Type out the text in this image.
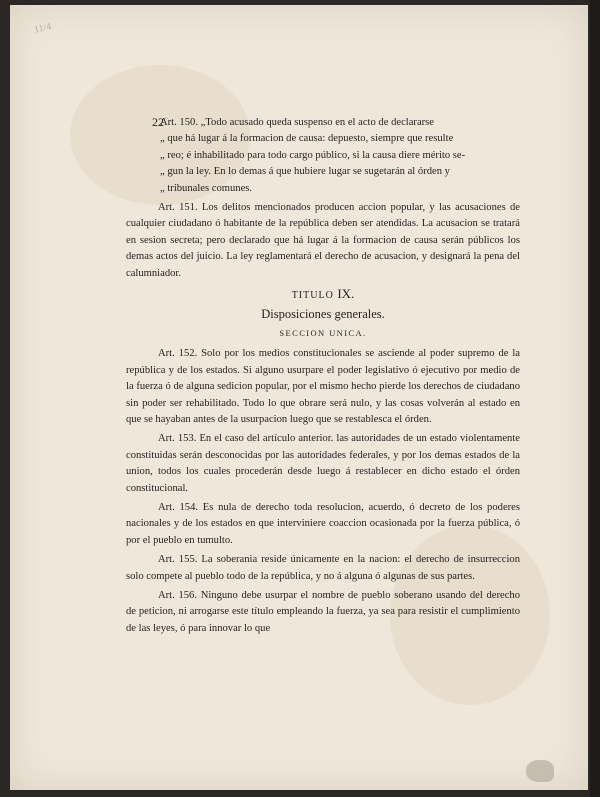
11/4
22

Art. 150. „Todo acusado queda suspenso en el acto de declararse
„ que há lugar á la formacion de causa: depuesto, siempre que resulte
„ reo; é inhabilitado para todo cargo público, si la causa diere mérito se-
„ gun la ley. En lo demas á que hubiere lugar se sugetarán al órden y
„ tribunales comunes.

Art. 151. Los delitos mencionados producen accion popular, y las acusaciones de cualquier ciudadano ó habitante de la república deben ser atendidas. La acusacion se tratará en sesion secreta; pero declarado que há lugar á la formacion de causa serán públicos los demas actos del juicio. La ley reglamentará el derecho de acusacion, y designará la pena del calumniador.

TITULO IX.
Disposiciones generales.
SECCION UNICA.

Art. 152. Solo por los medios constitucionales se asciende al poder supremo de la república y de los estados. Si alguno usurpare el poder legislativo ó ejecutivo por medio de la fuerza ó de alguna sedicion popular, por el mismo hecho pierde los derechos de ciudadano sin poder ser rehabilitado. Todo lo que obrare será nulo, y las cosas volverán al estado en que se hayaban antes de la usurpacion luego que se restablesca el órden.

Art. 153. En el caso del artículo anterior. las autoridades de un estado violentamente constituidas serán desconocidas por las autoridades federales, y por los demas estados de la union, todos los cuales procederán desde luego á restablecer en dicho estado el órden constitucional.

Art. 154. Es nula de derecho toda resolucion, acuerdo, ó decreto de los poderes nacionales y de los estados en que interviniere coaccion ocasionada por la fuerza pública, ó por el pueblo en tumulto.

Art. 155. La soberania reside únicamente en la nacion: el derecho de insurreccion solo compete al pueblo todo de la república, y no á alguna ó algunas de sus partes.

Art. 156. Ninguno debe usurpar el nombre de pueblo soberano usando del derecho de peticion, ni arrogarse este título empleando la fuerza, ya sea para resistir el cumplimiento de las leyes, ó para innovar lo que
